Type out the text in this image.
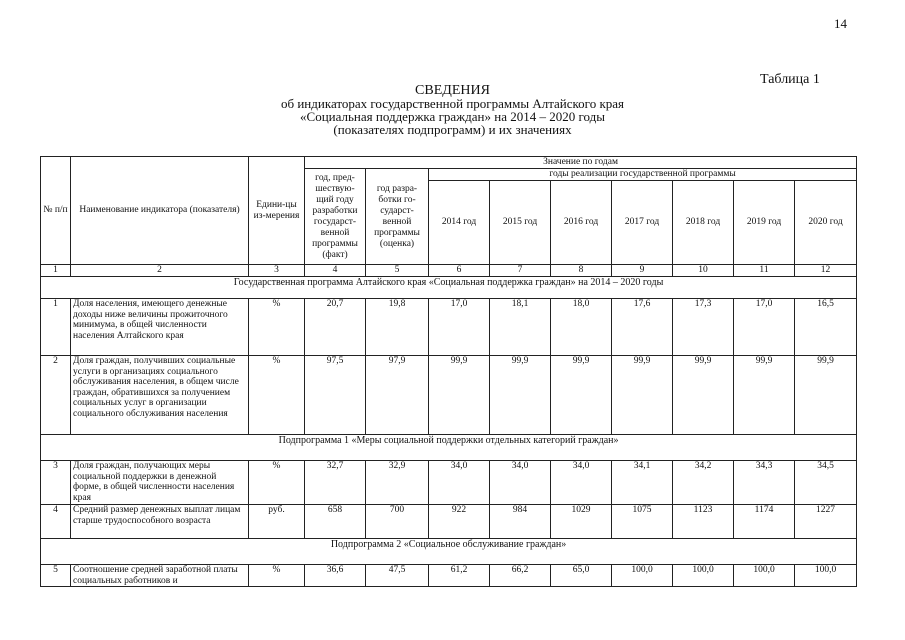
14
Таблица 1
СВЕДЕНИЯ
об индикаторах государственной программы Алтайского края
«Социальная поддержка граждан» на 2014 – 2020 годы
(показателях подпрограмм) и их значениях
№ п/п	Наименование индикатора (показателя)	Едини-цы из-мерения	Значение по годам								
			год, пред-шествую-щий году разработки государст-венной программы (факт)	год разра-ботки го-сударст-венной программы (оценка)	годы реализации государственной программы						
					2014 год	2015 год	2016 год	2017 год	2018 год	2019 год	2020 год
1	2	3	4	5	6	7	8	9	10	11	12
Государственная программа Алтайского края «Социальная поддержка граждан» на 2014 – 2020 годы											
1	Доля населения, имеющего денежные доходы ниже величины прожиточного минимума, в общей численности населения Алтайского края	%	20,7	19,8	17,0	18,1	18,0	17,6	17,3	17,0	16,5
2	Доля граждан, получивших социальные услуги в организациях социального обслуживания населения, в общем числе граждан, обратившихся за получением социальных услуг в организации социального обслуживания населения	%	97,5	97,9	99,9	99,9	99,9	99,9	99,9	99,9	99,9
Подпрограмма 1 «Меры социальной поддержки отдельных категорий граждан»											
3	Доля граждан, получающих меры социальной поддержки в денежной форме, в общей численности населения края	%	32,7	32,9	34,0	34,0	34,0	34,1	34,2	34,3	34,5
4	Средний размер денежных выплат лицам старше трудоспособного возраста	руб.	658	700	922	984	1029	1075	1123	1174	1227
Подпрограмма 2 «Социальное обслуживание граждан»											
5	Соотношение средней заработной платы социальных работников и	%	36,6	47,5	61,2	66,2	65,0	100,0	100,0	100,0	100,0
